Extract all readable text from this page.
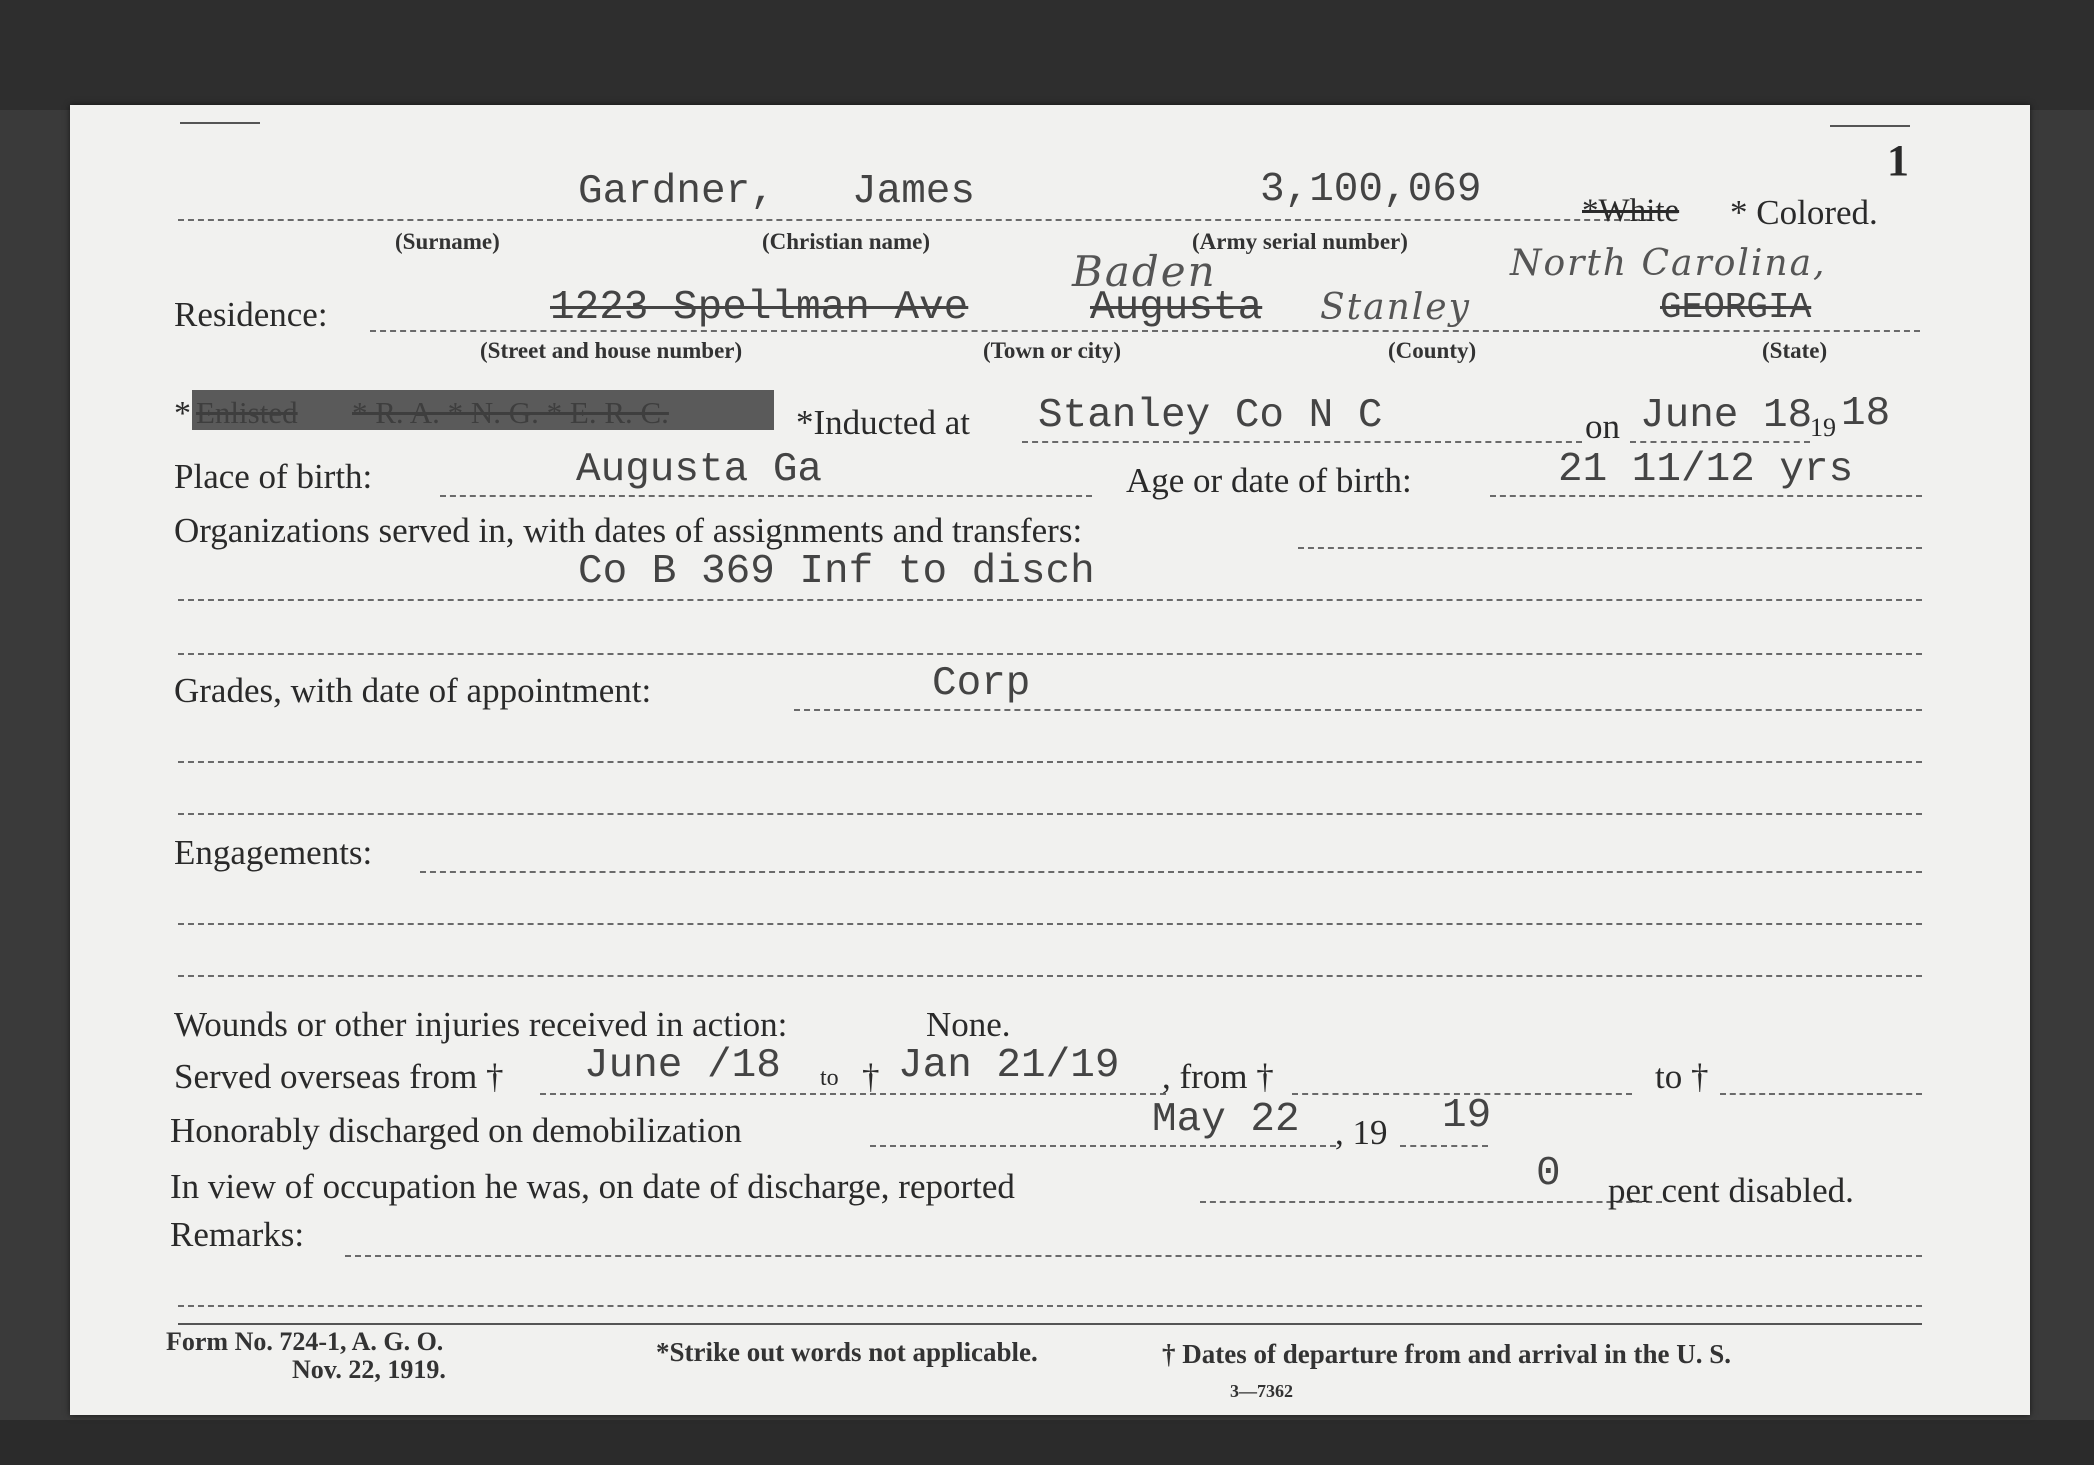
1
Gardner, James	3,100,069	*White * Colored.
(Surname)	(Christian name)	(Army serial number)
Baden	North Carolina,
Residence:	1223 Spellman Ave	Augusta Stanley	GEORGIA
(Street and house number)	(Town or city)	(County)	(State)
* Enlisted * R. A. * N. G. * E. R. C.	*Inducted at Stanley Co N C	on June 18
19 18
Place of birth:	Augusta Ga	Age or date of birth:	21 11/12 yrs
Organizations served in, with dates of assignments and transfers:
Co B 369 Inf to disch
Grades, with date of appointment:	Corp
Engagements:
Wounds or other injuries received in action:	None.
Served overseas from † June /18 to † Jan 21/19 , from †	to †
Honorably discharged on demobilization	May 22 , 19 19
In view of occupation he was, on date of discharge, reported	0 per cent disabled.
Remarks:
Form No. 724-1, A. G. O.
Nov. 22, 1919.
*Strike out words not applicable.	† Dates of departure from and arrival in the U. S.
3—7362
